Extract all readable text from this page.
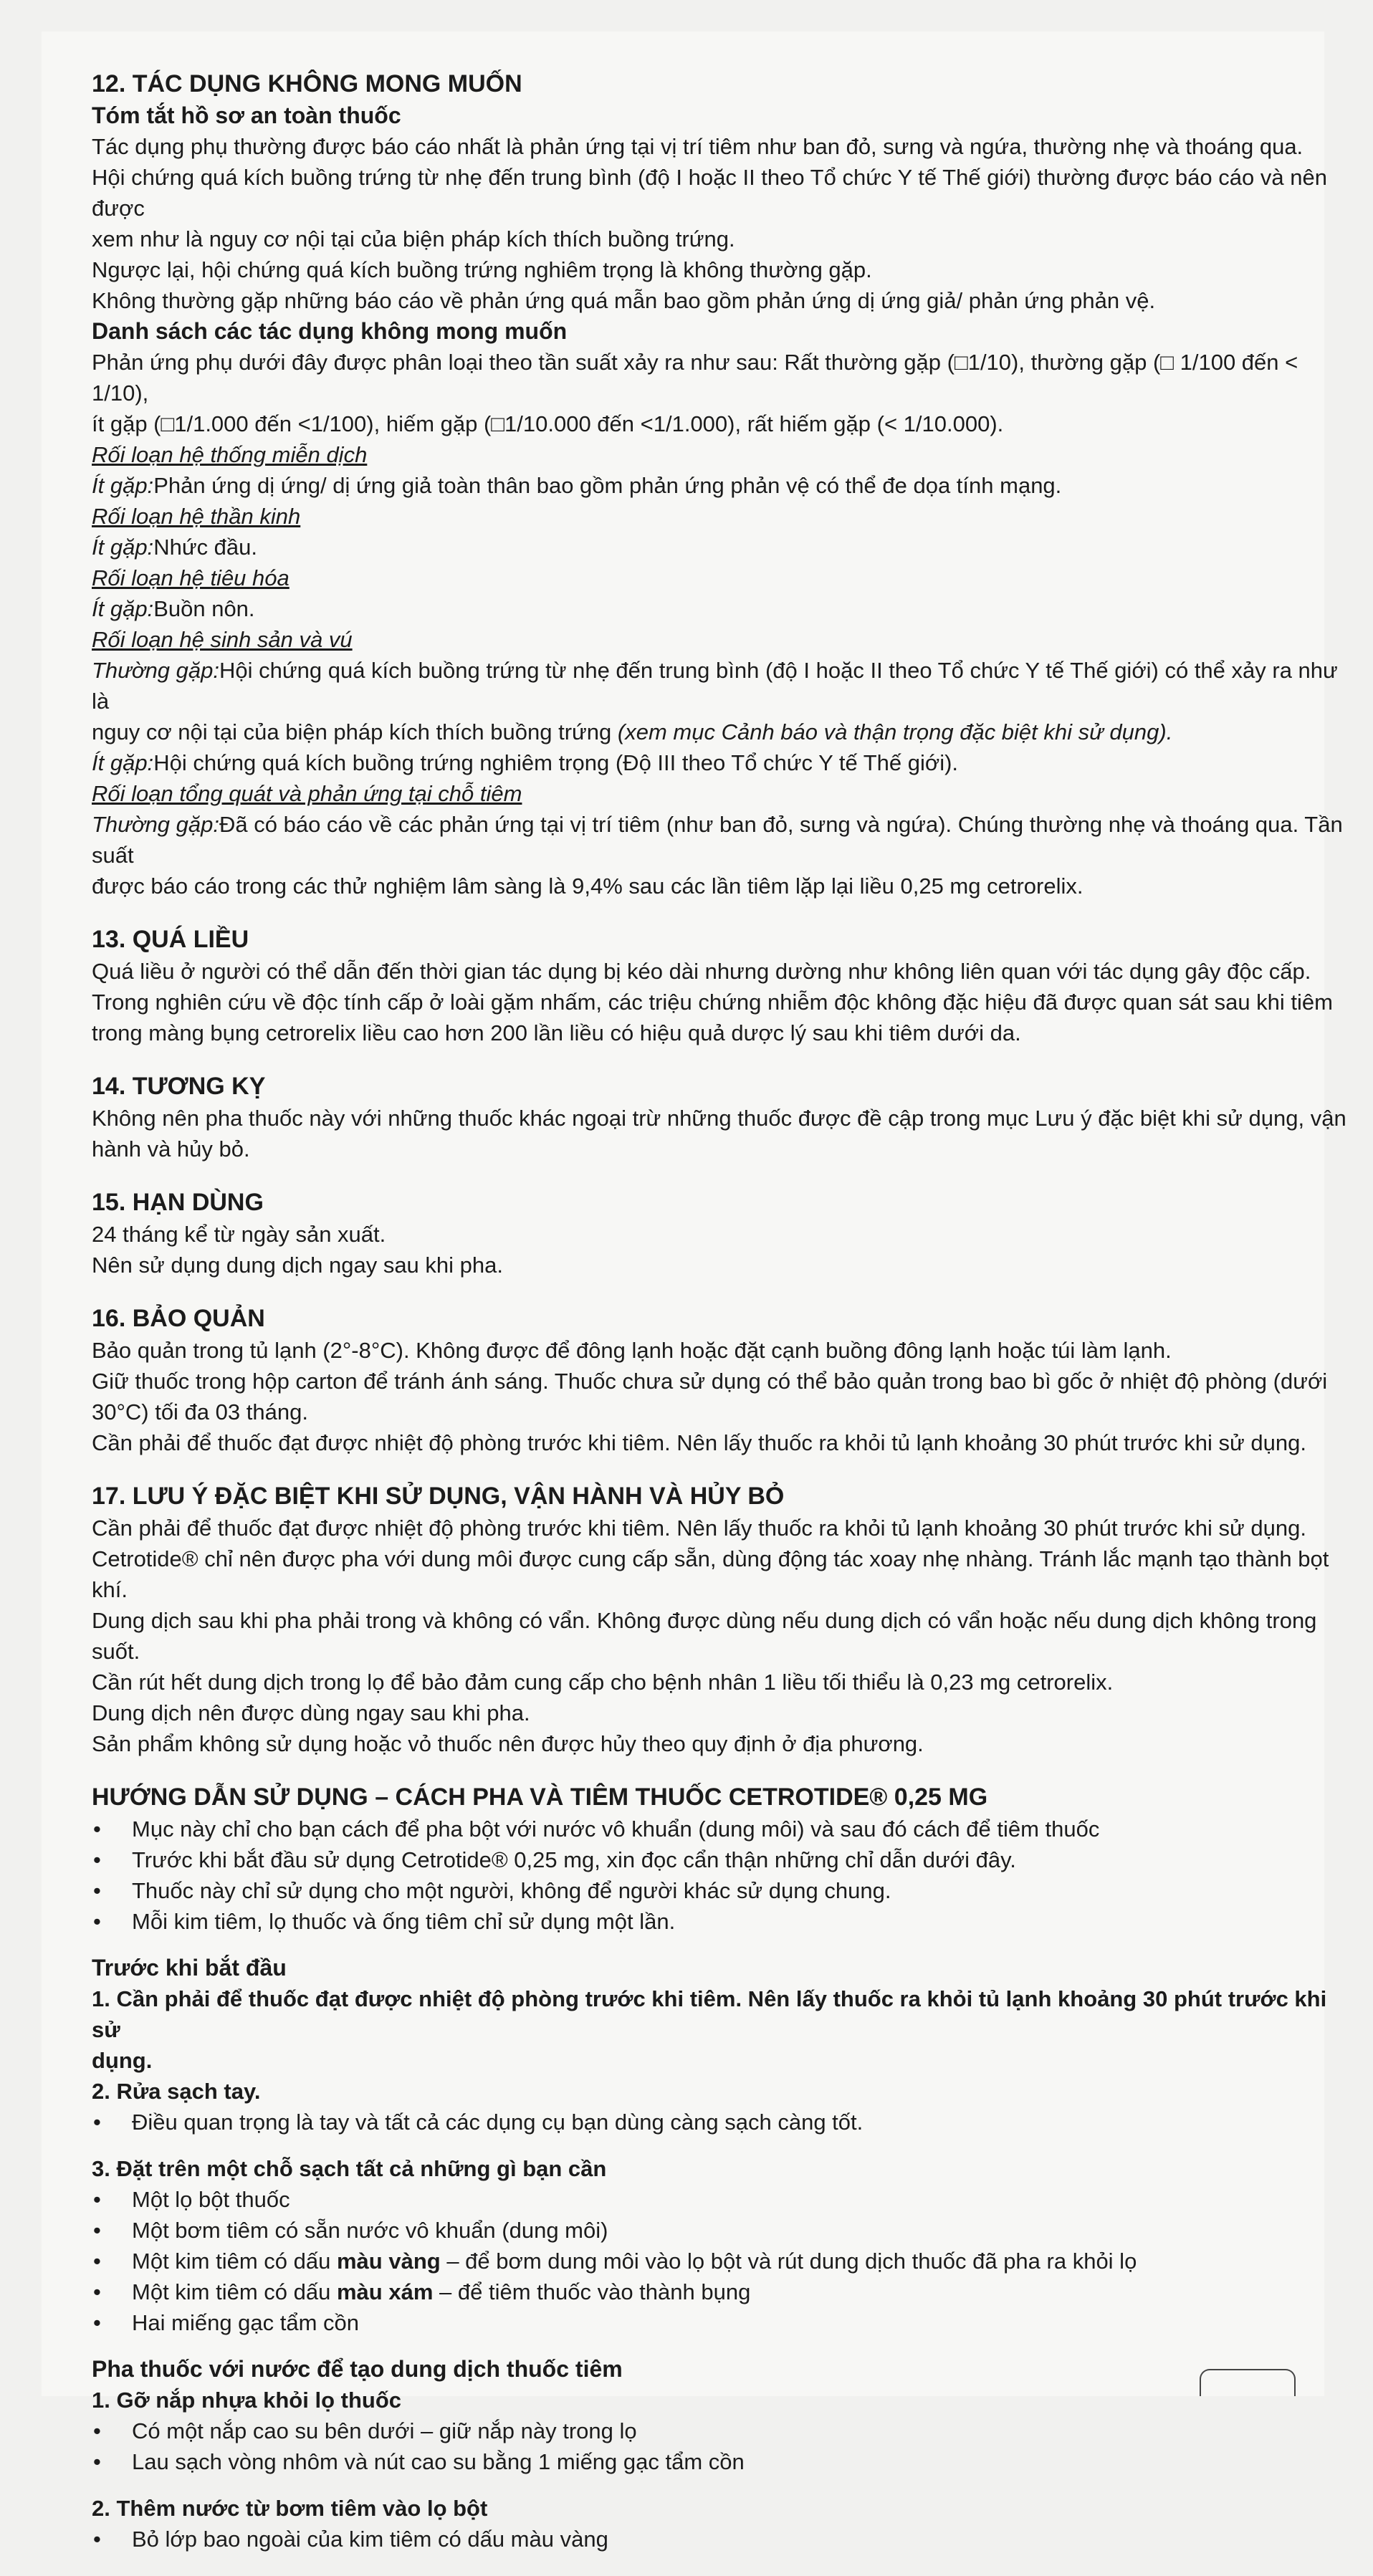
12. TÁC DỤNG KHÔNG MONG MUỐN
Tóm tắt hồ sơ an toàn thuốc

Tác dụng phụ thường được báo cáo nhất là phản ứng tại vị trí tiêm như ban đỏ, sưng và ngứa, thường nhẹ và thoáng qua.

Hội chứng quá kích buồng trứng từ nhẹ đến trung bình (độ I hoặc II theo Tổ chức Y tế Thế giới) thường được báo cáo và nên được

xem như là nguy cơ nội tại của biện pháp kích thích buồng trứng.

Ngược lại, hội chứng quá kích buồng trứng nghiêm trọng là không thường gặp.

Không thường gặp những báo cáo về phản ứng quá mẫn bao gồm phản ứng dị ứng giả/ phản ứng phản vệ.

Danh sách các tác dụng không mong muốn

Phản ứng phụ dưới đây được phân loại theo tần suất xảy ra như sau: Rất thường gặp (□1/10), thường gặp (□ 1/100 đến < 1/10),

ít gặp (□1/1.000 đến <1/100), hiếm gặp (□1/10.000 đến <1/1.000), rất hiếm gặp (< 1/10.000).

Rối loạn hệ thống miễn dịch

Ít gặp:Phản ứng dị ứng/ dị ứng giả toàn thân bao gồm phản ứng phản vệ có thể đe dọa tính mạng.

Rối loạn hệ thần kinh

Ít gặp:Nhức đầu.

Rối loạn hệ tiêu hóa

Ít gặp:Buồn nôn.

Rối loạn hệ sinh sản và vú

Thường gặp:Hội chứng quá kích buồng trứng từ nhẹ đến trung bình (độ I hoặc II theo Tổ chức Y tế Thế giới) có thể xảy ra như là

nguy cơ nội tại của biện pháp kích thích buồng trứng (xem mục Cảnh báo và thận trọng đặc biệt khi sử dụng).

Ít gặp:Hội chứng quá kích buồng trứng nghiêm trọng (Độ III theo Tổ chức Y tế Thế giới).

Rối loạn tổng quát và phản ứng tại chỗ tiêm

Thường gặp:Đã có báo cáo về các phản ứng tại vị trí tiêm (như ban đỏ, sưng và ngứa). Chúng thường nhẹ và thoáng qua. Tần suất

được báo cáo trong các thử nghiệm lâm sàng là 9,4% sau các lần tiêm lặp lại liều 0,25 mg cetrorelix.

13. QUÁ LIỀU

Quá liều ở người có thể dẫn đến thời gian tác dụng bị kéo dài nhưng dường như không liên quan với tác dụng gây độc cấp.

Trong nghiên cứu về độc tính cấp ở loài gặm nhấm, các triệu chứng nhiễm độc không đặc hiệu đã được quan sát sau khi tiêm

trong màng bụng cetrorelix liều cao hơn 200 lần liều có hiệu quả dược lý sau khi tiêm dưới da.

14. TƯƠNG KỴ

Không nên pha thuốc này với những thuốc khác ngoại trừ những thuốc được đề cập trong mục Lưu ý đặc biệt khi sử dụng, vận

hành và hủy bỏ.

15. HẠN DÙNG

24 tháng kể từ ngày sản xuất.

Nên sử dụng dung dịch ngay sau khi pha.

16. BẢO QUẢN

Bảo quản trong tủ lạnh (2°-8°C). Không được để đông lạnh hoặc đặt cạnh buồng đông lạnh hoặc túi làm lạnh.

Giữ thuốc trong hộp carton để tránh ánh sáng. Thuốc chưa sử dụng có thể bảo quản trong bao bì gốc ở nhiệt độ phòng (dưới

30°C) tối đa 03 tháng.

Cần phải để thuốc đạt được nhiệt độ phòng trước khi tiêm. Nên lấy thuốc ra khỏi tủ lạnh khoảng 30 phút trước khi sử dụng.

17. LƯU Ý ĐẶC BIỆT KHI SỬ DỤNG, VẬN HÀNH VÀ HỦY BỎ

Cần phải để thuốc đạt được nhiệt độ phòng trước khi tiêm. Nên lấy thuốc ra khỏi tủ lạnh khoảng 30 phút trước khi sử dụng.

Cetrotide® chỉ nên được pha với dung môi được cung cấp sẵn, dùng động tác xoay nhẹ nhàng. Tránh lắc mạnh tạo thành bọt khí.

Dung dịch sau khi pha phải trong và không có vẩn. Không được dùng nếu dung dịch có vẩn hoặc nếu dung dịch không trong suốt.

Cần rút hết dung dịch trong lọ để bảo đảm cung cấp cho bệnh nhân 1 liều tối thiểu là 0,23 mg cetrorelix.

Dung dịch nên được dùng ngay sau khi pha.

Sản phẩm không sử dụng hoặc vỏ thuốc nên được hủy theo quy định ở địa phương.

HƯỚNG DẪN SỬ DỤNG – CÁCH PHA VÀ TIÊM THUỐC CETROTIDE® 0,25 MG
• Mục này chỉ cho bạn cách để pha bột với nước vô khuẩn (dung môi) và sau đó cách để tiêm thuốc
• Trước khi bắt đầu sử dụng Cetrotide® 0,25 mg, xin đọc cẩn thận những chỉ dẫn dưới đây.
• Thuốc này chỉ sử dụng cho một người, không để người khác sử dụng chung.
• Mỗi kim tiêm, lọ thuốc và ống tiêm chỉ sử dụng một lần.
Trước khi bắt đầu

1. Cần phải để thuốc đạt được nhiệt độ phòng trước khi tiêm. Nên lấy thuốc ra khỏi tủ lạnh khoảng 30 phút trước khi sử

dụng.

2. Rửa sạch tay.

• Điều quan trọng là tay và tất cả các dụng cụ bạn dùng càng sạch càng tốt.

3. Đặt trên một chỗ sạch tất cả những gì bạn cần

• Một lọ bột thuốc
• Một bơm tiêm có sẵn nước vô khuẩn (dung môi)
• Một kim tiêm có dấu màu vàng – để bơm dung môi vào lọ bột và rút dung dịch thuốc đã pha ra khỏi lọ
• Một kim tiêm có dấu màu xám – để tiêm thuốc vào thành bụng
• Hai miếng gạc tẩm cồn
Pha thuốc với nước để tạo dung dịch thuốc tiêm

1. Gỡ nắp nhựa khỏi lọ thuốc

• Có một nắp cao su bên dưới – giữ nắp này trong lọ
• Lau sạch vòng nhôm và nút cao su bằng 1 miếng gạc tẩm cồn

2. Thêm nước từ bơm tiêm vào lọ bột

• Bỏ lớp bao ngoài của kim tiêm có dấu màu vàng
